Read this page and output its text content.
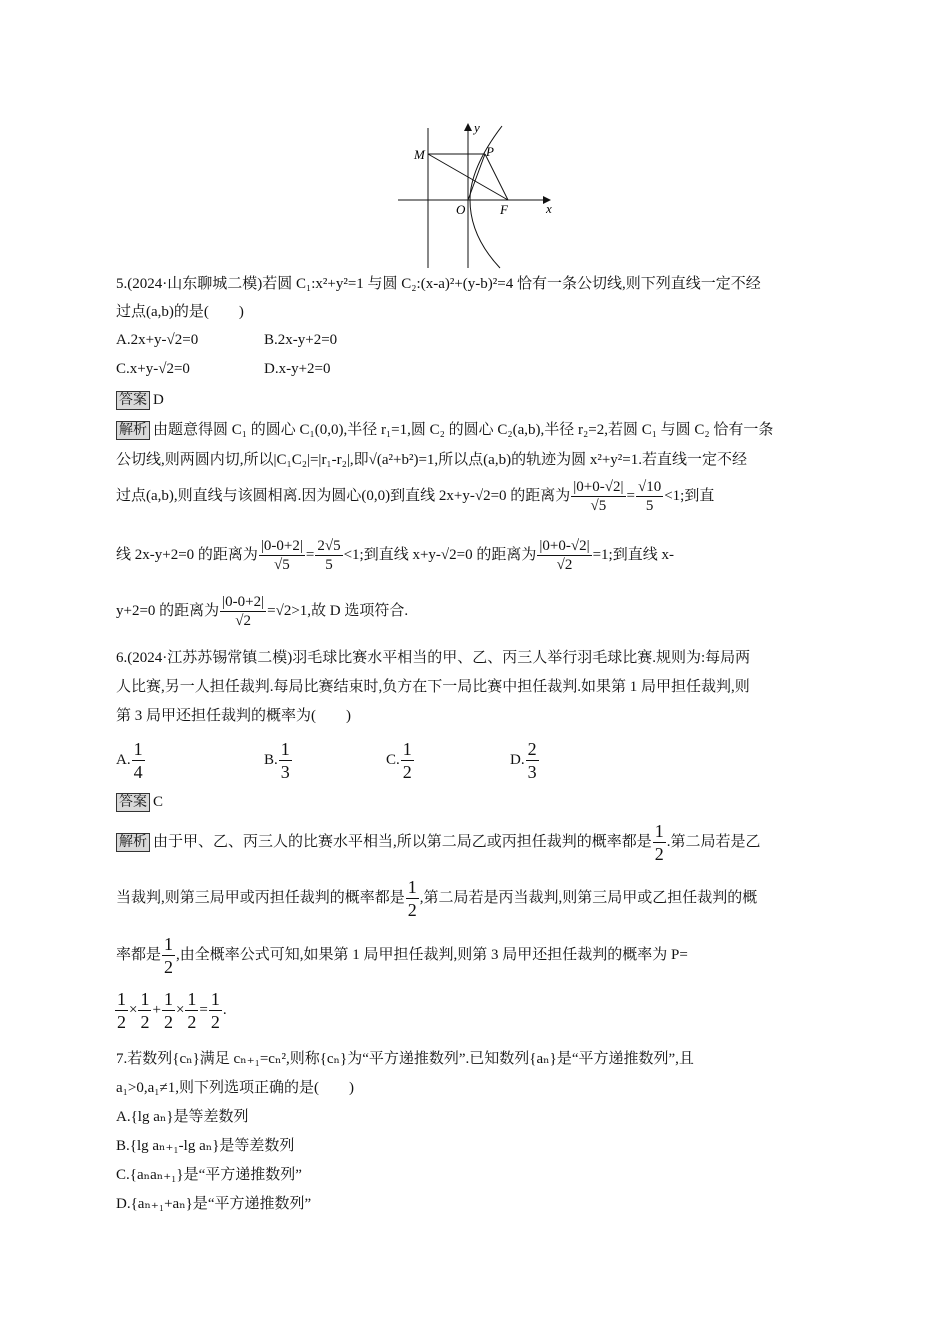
y
x
M	P
O	F
5.(2024·山东聊城二模)若圆 C₁:x²+y²=1 与圆 C₂:(x-a)²+(y-b)²=4 恰有一条公切线,则下列直线一定不经
过点(a,b)的是(　　)
A.2x+y-√2=0	B.2x-y+2=0
C.x+y-√2=0	D.x-y+2=0
答案 D
解析 由题意得圆 C₁ 的圆心 C₁(0,0),半径 r₁=1,圆 C₂ 的圆心 C₂(a,b),半径 r₂=2,若圆 C₁ 与圆 C₂ 恰有一条
公切线,则两圆内切,所以|C₁C₂|=|r₁-r₂|,即√(a²+b²)=1,所以点(a,b)的轨迹为圆 x²+y²=1.若直线一定不经
过点(a,b),则直线与该圆相离.因为圆心(0,0)到直线 2x+y-√2=0 的距离为 $\frac{|0+0-√2|}{√5} = \frac{√10}{5} <1$;到直
线 2x-y+2=0 的距离为 $\frac{|0-0+2|}{√5} = \frac{2√5}{5} <1$;到直线 x+y-√2=0 的距离为 $\frac{|0+0-√2|}{√2} =1$;到直线 x-
y+2=0 的距离为 $\frac{|0-0+2|}{√2} =√2>1$,故 D 选项符合.
6.(2024·江苏苏锡常镇二模)羽毛球比赛水平相当的甲、乙、丙三人举行羽毛球比赛.规则为:每局两
人比赛,另一人担任裁判.每局比赛结束时,负方在下一局比赛中担任裁判.如果第 1 局甲担任裁判,则
第 3 局甲还担任裁判的概率为(　　)
A. $\frac{1}{4}$	B. $\frac{1}{3}$	C. $\frac{1}{2}$	D. $\frac{2}{3}$
答案 C
解析 由于甲、乙、丙三人的比赛水平相当,所以第二局乙或丙担任裁判的概率都是 $\frac{1}{2}$ .第二局若是乙
当裁判,则第三局甲或丙担任裁判的概率都是 $\frac{1}{2}$ ,第二局若是丙当裁判,则第三局甲或乙担任裁判的概
率都是 $\frac{1}{2}$ ,由全概率公式可知,如果第 1 局甲担任裁判,则第 3 局甲还担任裁判的概率为 P=
$\frac{1}{2} \times \frac{1}{2} + \frac{1}{2} \times \frac{1}{2} = \frac{1}{2}$ .
7.若数列{cₙ}满足 cₙ₊₁=cₙ²,则称{cₙ}为“平方递推数列”.已知数列{aₙ}是“平方递推数列”,且
a₁>0,a₁≠1,则下列选项正确的是(　　)
A.{lg aₙ}是等差数列
B.{lg aₙ₊₁-lg aₙ}是等差数列
C.{aₙaₙ₊₁}是“平方递推数列”
D.{aₙ₊₁+aₙ}是“平方递推数列”
